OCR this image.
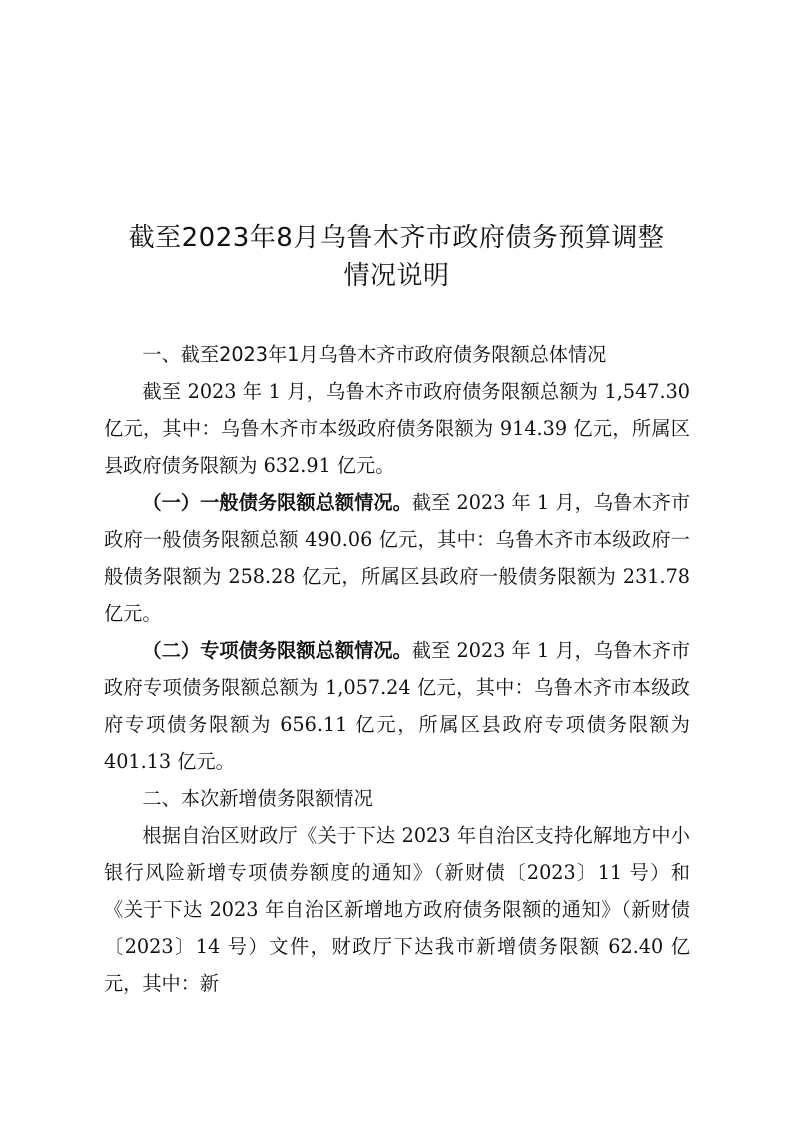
截至2023年8月乌鲁木齐市政府债务预算调整
情况说明

一、截至2023年1月乌鲁木齐市政府债务限额总体情况

截至 2023 年 1 月，乌鲁木齐市政府债务限额总额为 1,547.30 亿元，其中：乌鲁木齐市本级政府债务限额为 914.39 亿元，所属区县政府债务限额为 632.91 亿元。

（一）一般债务限额总额情况。截至 2023 年 1 月，乌鲁木齐市政府一般债务限额总额 490.06 亿元，其中：乌鲁木齐市本级政府一般债务限额为 258.28 亿元，所属区县政府一般债务限额为 231.78 亿元。

（二）专项债务限额总额情况。截至 2023 年 1 月，乌鲁木齐市政府专项债务限额总额为 1,057.24 亿元，其中：乌鲁木齐市本级政府专项债务限额为 656.11 亿元，所属区县政府专项债务限额为 401.13 亿元。

二、本次新增债务限额情况

根据自治区财政厅《关于下达 2023 年自治区支持化解地方中小银行风险新增专项债券额度的通知》（新财债〔2023〕11 号）和《关于下达 2023 年自治区新增地方政府债务限额的通知》（新财债〔2023〕14 号）文件，财政厅下达我市新增债务限额 62.40 亿元，其中：新
